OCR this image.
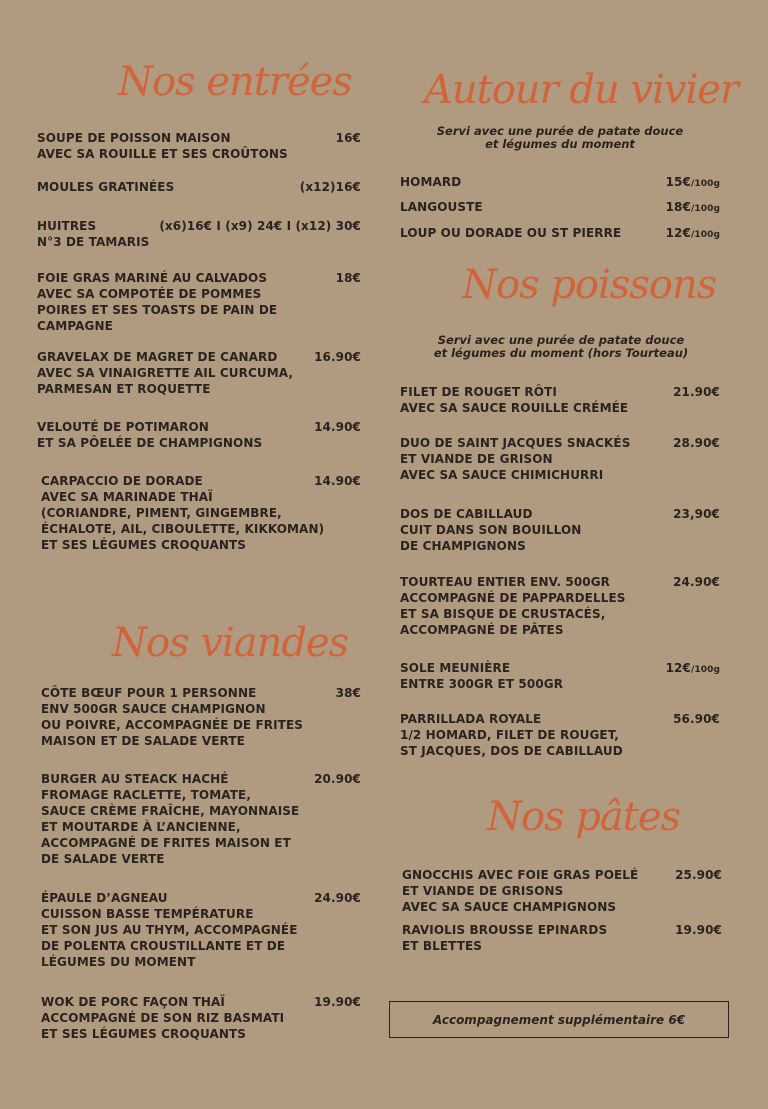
Nos entrées
SOUPE DE POISSON MAISON
AVEC SA ROUILLE ET SES CROÛTONS
16€
MOULES GRATINÉES	(x12)16€
HUITRES
N°3 DE TAMARIS
(x6)16€ I (x9) 24€ I (x12) 30€
FOIE GRAS MARINÉ AU CALVADOS
AVEC SA COMPOTÉE DE POMMES
POIRES ET SES TOASTS DE PAIN DE
CAMPAGNE
18€
GRAVELAX DE MAGRET DE CANARD
AVEC SA VINAIGRETTE AIL CURCUMA,
PARMESAN ET ROQUETTE
16.90€
VELOUTÉ DE POTIMARON
ET SA PÔELÉE DE CHAMPIGNONS
14.90€
CARPACCIO DE DORADE
AVEC SA MARINADE THAÏ
(CORIANDRE, PIMENT, GINGEMBRE,
ÉCHALOTE, AIL, CIBOULETTE, KIKKOMAN)
ET SES LÉGUMES CROQUANTS
14.90€
Nos viandes
CÔTE BŒUF POUR 1 PERSONNE
ENV 500GR SAUCE CHAMPIGNON
OU POIVRE, ACCOMPAGNÉE DE FRITES
MAISON ET DE SALADE VERTE
38€
BURGER AU STEACK HACHÉ
FROMAGE RACLETTE, TOMATE,
SAUCE CRÈME FRAÎCHE, MAYONNAISE
ET MOUTARDE À L’ANCIENNE,
ACCOMPAGNÉ DE FRITES MAISON ET
DE SALADE VERTE
20.90€
ÉPAULE D’AGNEAU
CUISSON BASSE TEMPÉRATURE
ET SON JUS AU THYM, ACCOMPAGNÉE
DE POLENTA CROUSTILLANTE ET DE
LÉGUMES DU MOMENT
24.90€
WOK DE PORC FAÇON THAÏ
ACCOMPAGNÉ DE SON RIZ BASMATI
ET SES LÉGUMES CROQUANTS
19.90€
Autour du vivier
Servi avec une purée de patate douce
et légumes du moment
HOMARD	15€/100g
LANGOUSTE	18€/100g
LOUP OU DORADE OU ST PIERRE	12€/100g
Nos poissons
Servi avec une purée de patate douce
et légumes du moment (hors Tourteau)
FILET DE ROUGET RÔTI
AVEC SA SAUCE ROUILLE CRÉMÉE
21.90€
DUO DE SAINT JACQUES SNACKÉS
ET VIANDE DE GRISON
AVEC SA SAUCE CHIMICHURRI
28.90€
DOS DE CABILLAUD
CUIT DANS SON BOUILLON
DE CHAMPIGNONS
23,90€
TOURTEAU ENTIER ENV. 500GR
ACCOMPAGNÉ DE PAPPARDELLES
ET SA BISQUE DE CRUSTACÉS,
ACCOMPAGNÉ DE PÂTES
24.90€
SOLE MEUNIÈRE
ENTRE 300GR ET 500GR
12€/100g
PARRILLADA ROYALE
1/2 HOMARD, FILET DE ROUGET,
ST JACQUES, DOS DE CABILLAUD
56.90€
Nos pâtes
GNOCCHIS AVEC FOIE GRAS POELÉ
ET VIANDE DE GRISONS
AVEC SA SAUCE CHAMPIGNONS
25.90€
RAVIOLIS BROUSSE EPINARDS
ET BLETTES
19.90€
Accompagnement supplémentaire 6€
